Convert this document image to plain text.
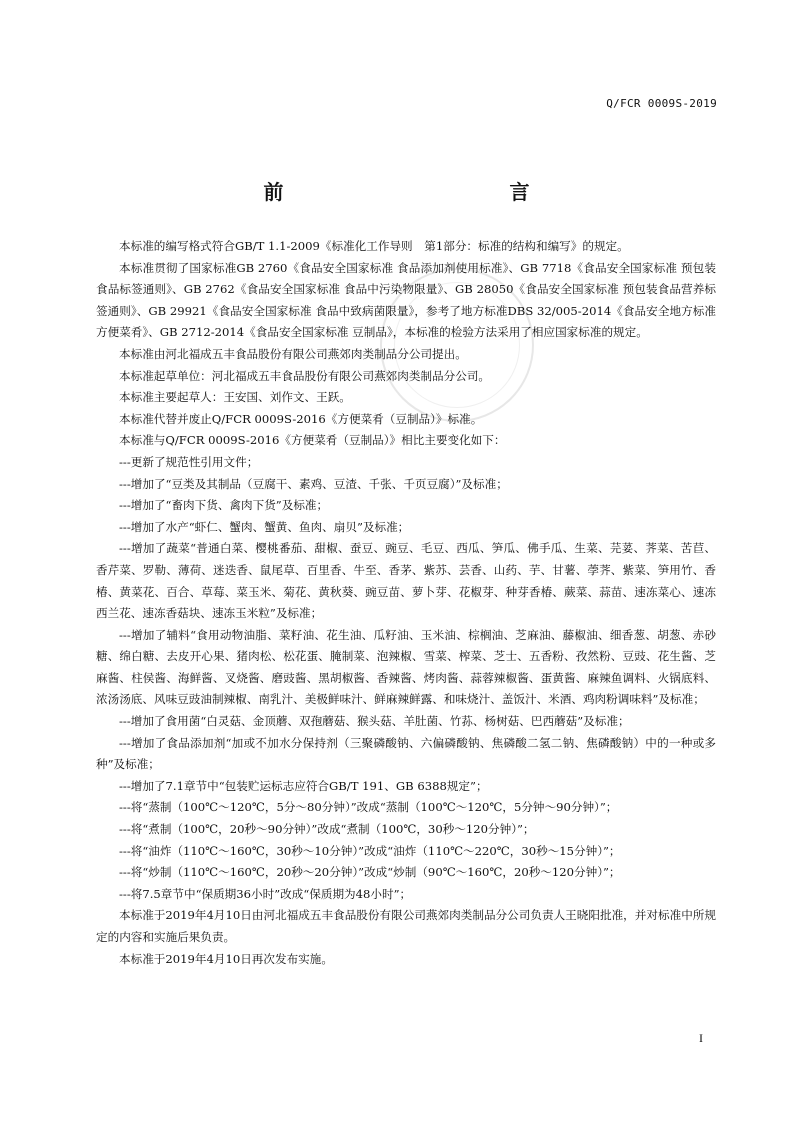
Q/FCR 0009S-2019
前　　言

本标准的编写格式符合GB/T 1.1-2009《标准化工作导则　第1部分：标准的结构和编写》的规定。

本标准贯彻了国家标准GB 2760《食品安全国家标准 食品添加剂使用标准》、GB 7718《食品安全国家标准 预包装食品标签通则》、GB 2762《食品安全国家标准 食品中污染物限量》、GB 28050《食品安全国家标准 预包装食品营养标签通则》、GB 29921《食品安全国家标准 食品中致病菌限量》，参考了地方标准DBS 32/005-2014《食品安全地方标准 方便菜肴》、GB 2712-2014《食品安全国家标准 豆制品》，本标准的检验方法采用了相应国家标准的规定。

本标准由河北福成五丰食品股份有限公司燕郊肉类制品分公司提出。

本标准起草单位：河北福成五丰食品股份有限公司燕郊肉类制品分公司。

本标准主要起草人：王安国、刘作文、王跃。

本标准代替并废止Q/FCR 0009S-2016《方便菜肴（豆制品）》标准。

本标准与Q/FCR 0009S-2016《方便菜肴（豆制品）》相比主要变化如下：

---更新了规范性引用文件；

---增加了“豆类及其制品（豆腐干、素鸡、豆渣、千张、千页豆腐）”及标准；

---增加了“畜肉下货、禽肉下货”及标准；

---增加了水产“虾仁、蟹肉、蟹黄、鱼肉、扇贝”及标准；

---增加了蔬菜“普通白菜、樱桃番茄、甜椒、蚕豆、豌豆、毛豆、西瓜、笋瓜、佛手瓜、生菜、芫荽、荠菜、苦苣、香芹菜、罗勒、薄荷、迷迭香、鼠尾草、百里香、牛至、香茅、紫苏、芸香、山药、芋、甘薯、荸荠、紫菜、笋用竹、香椿、黄菜花、百合、草莓、菜玉米、菊花、黄秋葵、豌豆苗、萝卜芽、花椒芽、种芽香椿、蕨菜、蒜苗、速冻菜心、速冻西兰花、速冻香菇块、速冻玉米粒”及标准；

---增加了辅料“食用动物油脂、菜籽油、花生油、瓜籽油、玉米油、棕榈油、芝麻油、藤椒油、细香葱、胡葱、赤砂糖、绵白糖、去皮开心果、猪肉松、松花蛋、腌制菜、泡辣椒、雪菜、榨菜、芝士、五香粉、孜然粉、豆豉、花生酱、芝麻酱、柱侯酱、海鲜酱、叉烧酱、磨豉酱、黑胡椒酱、香辣酱、烤肉酱、蒜蓉辣椒酱、蛋黄酱、麻辣鱼调料、火锅底料、浓汤汤底、风味豆豉油制辣椒、南乳汁、美极鲜味汁、鲜麻辣鲜露、和味烧汁、盖饭汁、米酒、鸡肉粉调味料”及标准；

---增加了食用菌“白灵菇、金顶蘑、双孢蘑菇、猴头菇、羊肚菌、竹荪、杨树菇、巴西蘑菇”及标准；

---增加了食品添加剂“加或不加水分保持剂（三聚磷酸钠、六偏磷酸钠、焦磷酸二氢二钠、焦磷酸钠）中的一种或多种”及标准；

---增加了7.1章节中“包装贮运标志应符合GB/T 191、GB 6388规定”；

---将“蒸制（100℃～120℃，5分～80分钟）”改成“蒸制（100℃～120℃，5分钟～90分钟）”；

---将“煮制（100℃，20秒～90分钟）”改成“煮制（100℃，30秒～120分钟）”；

---将“油炸（110℃～160℃，30秒～10分钟）”改成“油炸（110℃～220℃，30秒～15分钟）”；

---将“炒制（110℃～160℃，20秒～20分钟）”改成“炒制（90℃～160℃，20秒～120分钟）”；

---将7.5章节中“保质期36小时”改成“保质期为48小时”；

本标准于2019年4月10日由河北福成五丰食品股份有限公司燕郊肉类制品分公司负责人王晓阳批准，并对标准中所规定的内容和实施后果负责。

本标准于2019年4月10日再次发布实施。

I
